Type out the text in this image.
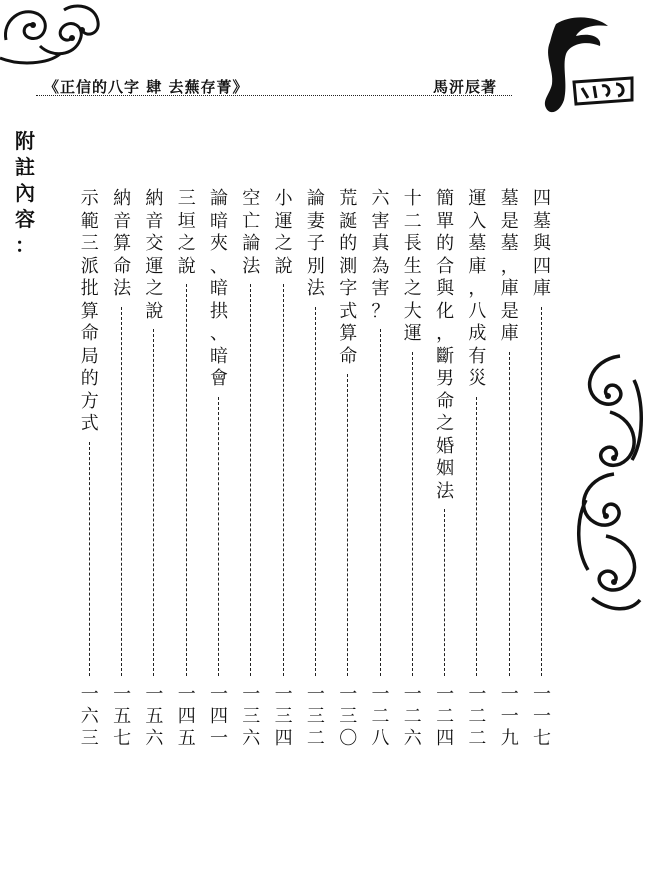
《正信的八字 肆 去蕪存菁》	馬汧辰著
附
註
內
容
：
四
墓
與
四
庫
一
一
七
墓
是
墓
，
庫
是
庫
一
一
九
運
入
墓
庫
，
八
成
有
災
一
二
二
簡
單
的
合
與
化
，
斷
男
命
之
婚
姻
法
一
二
四
十
二
長
生
之
大
運
一
二
六
六
害
真
為
害
？
一
二
八
荒
誕
的
測
字
式
算
命
一
三
〇
論
妻
子
別
法
一
三
二
小
運
之
說
一
三
四
空
亡
論
法
一
三
六
論
暗
夾
、
暗
拱
、
暗
會
一
四
一
三
垣
之
說
一
四
五
納
音
交
運
之
說
一
五
六
納
音
算
命
法
一
五
七
示
範
三
派
批
算
命
局
的
方
式
一
六
三
